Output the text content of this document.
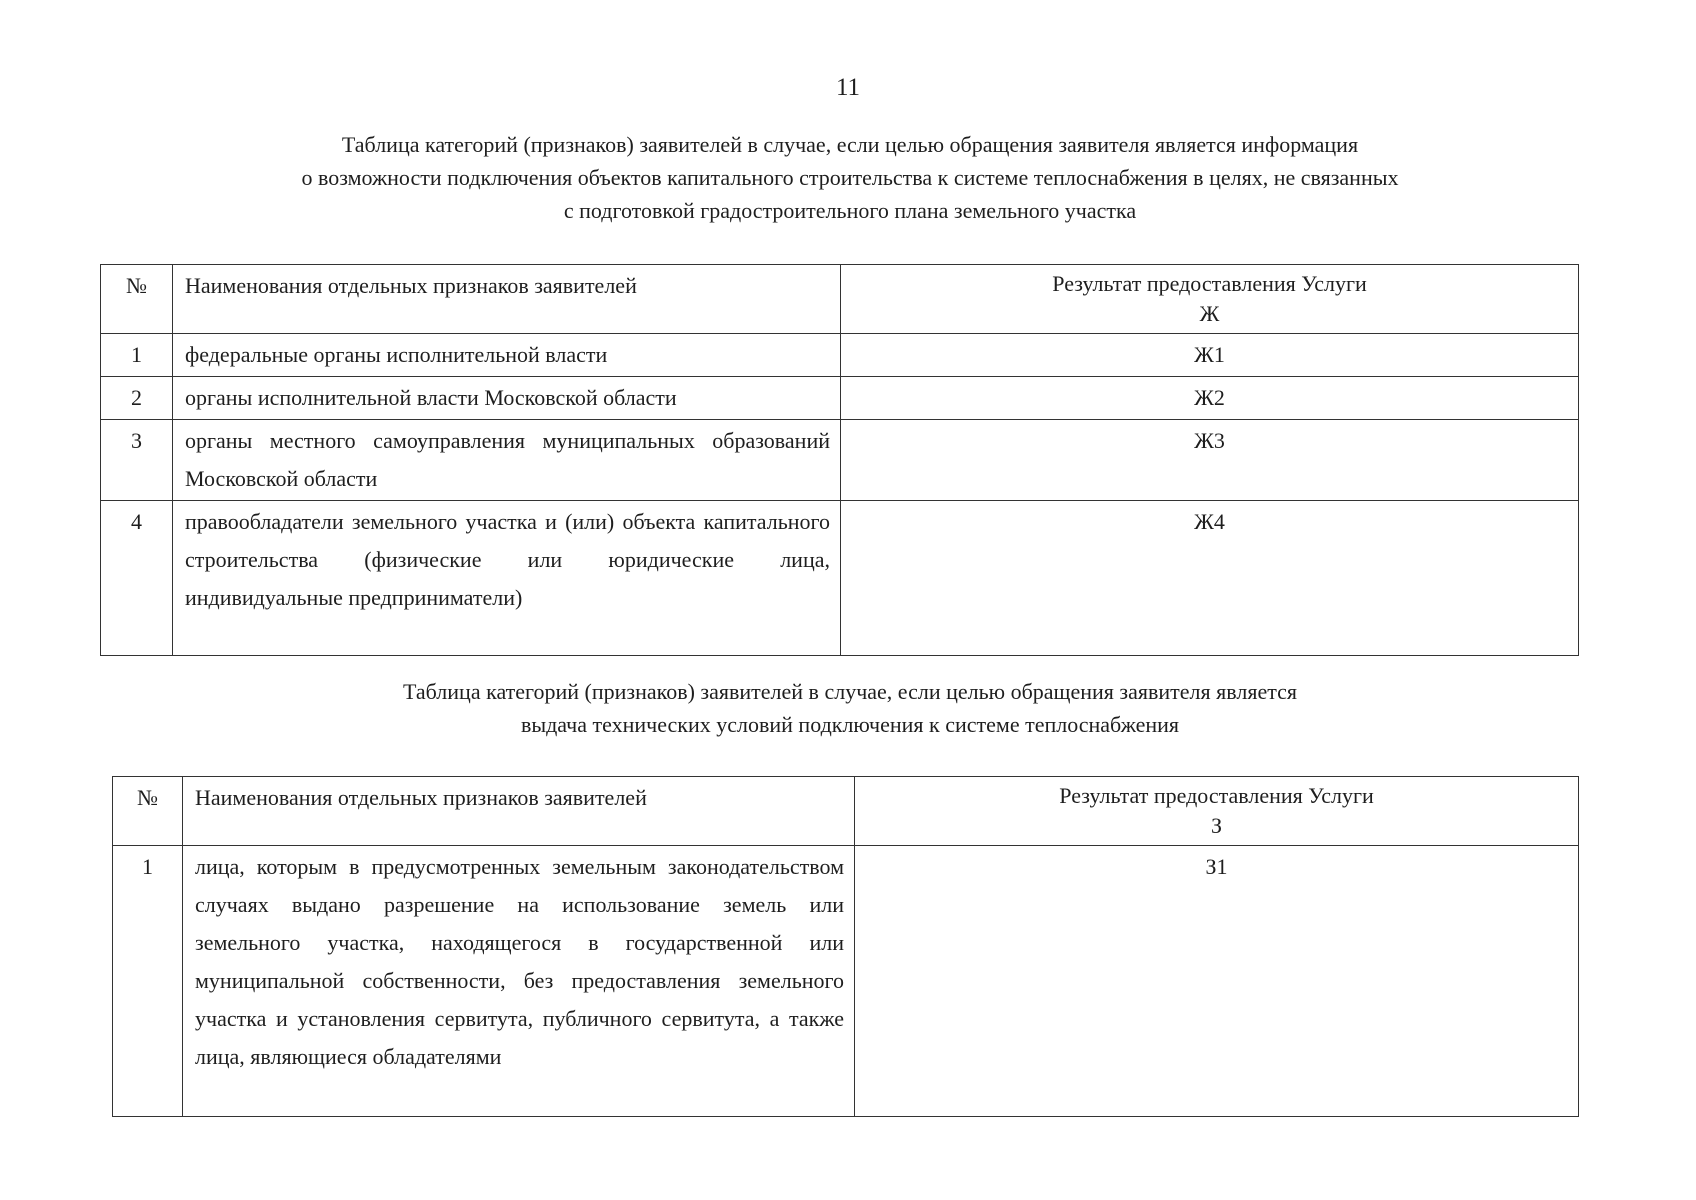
11
Таблица категорий (признаков) заявителей в случае, если целью обращения заявителя является информация
о возможности подключения объектов капитального строительства к системе теплоснабжения в целях, не связанных
с подготовкой градостроительного плана земельного участка
№	Наименования отдельных признаков заявителей	Результат предоставления Услуги
Ж

1	федеральные органы исполнительной власти	Ж1
2	органы исполнительной власти Московской области	Ж2
3	органы местного самоуправления муниципальных образований Московской области	Ж3
4	правообладатели земельного участка и (или) объекта капитального строительства (физические или юридические лица, индивидуальные предприниматели)	Ж4
Таблица категорий (признаков) заявителей в случае, если целью обращения заявителя является
выдача технических условий подключения к системе теплоснабжения
№	Наименования отдельных признаков заявителей	Результат предоставления Услуги
З

1	лица, которым в предусмотренных земельным законодательством случаях выдано разрешение на использование земель или земельного участка, находящегося в государственной или муниципальной собственности, без предоставления земельного участка и установления сервитута, публичного сервитута, а также лица, являющиеся обладателями	З1
